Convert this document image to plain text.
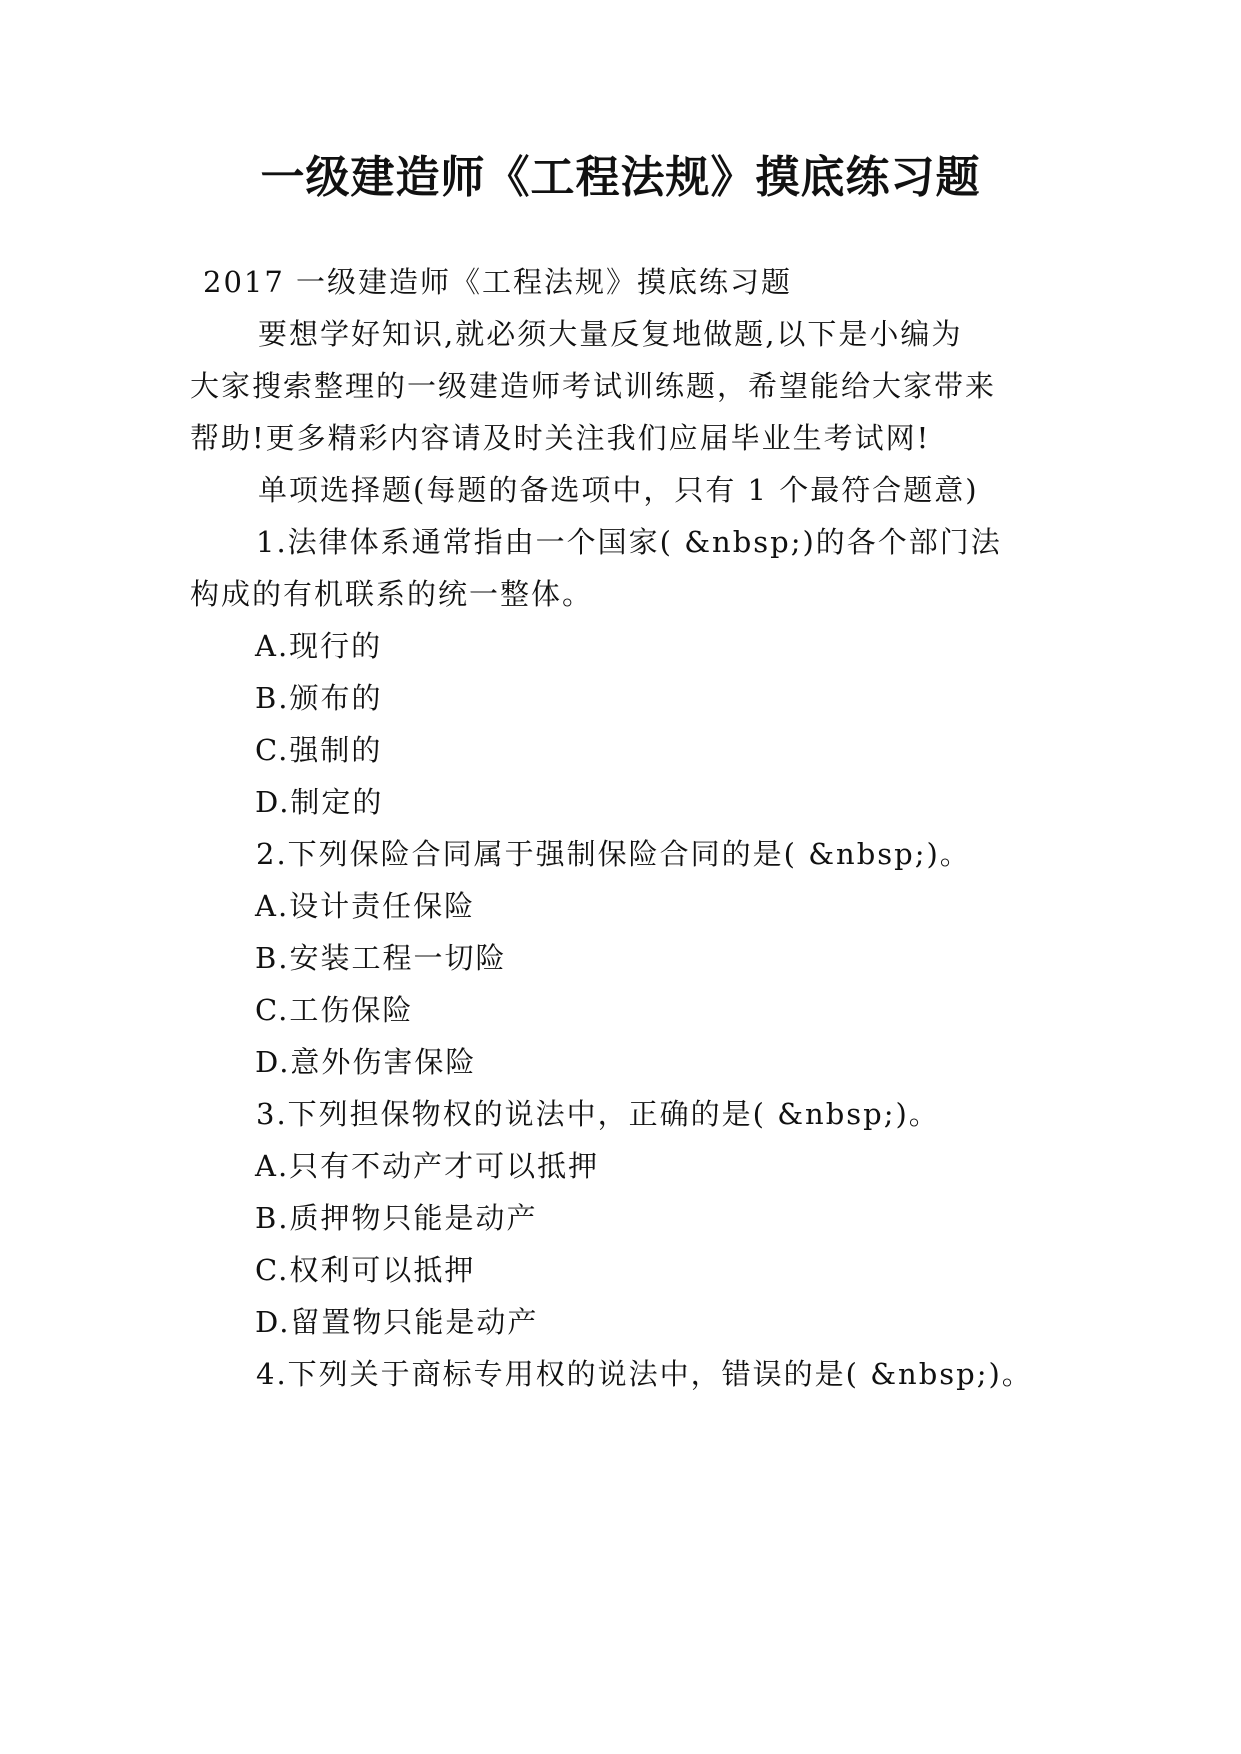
一级建造师《工程法规》摸底练习题
2017 一级建造师《工程法规》摸底练习题
要想学好知识,就必须大量反复地做题,以下是小编为
大家搜索整理的一级建造师考试训练题，希望能给大家带来
帮助!更多精彩内容请及时关注我们应届毕业生考试网!
单项选择题(每题的备选项中，只有 1 个最符合题意)
1.法律体系通常指由一个国家( &nbsp;)的各个部门法
构成的有机联系的统一整体。
A.现行的
B.颁布的
C.强制的
D.制定的
2.下列保险合同属于强制保险合同的是( &nbsp;)。
A.设计责任保险
B.安装工程一切险
C.工伤保险
D.意外伤害保险
3.下列担保物权的说法中，正确的是( &nbsp;)。
A.只有不动产才可以抵押
B.质押物只能是动产
C.权利可以抵押
D.留置物只能是动产
4.下列关于商标专用权的说法中，错误的是( &nbsp;)。
